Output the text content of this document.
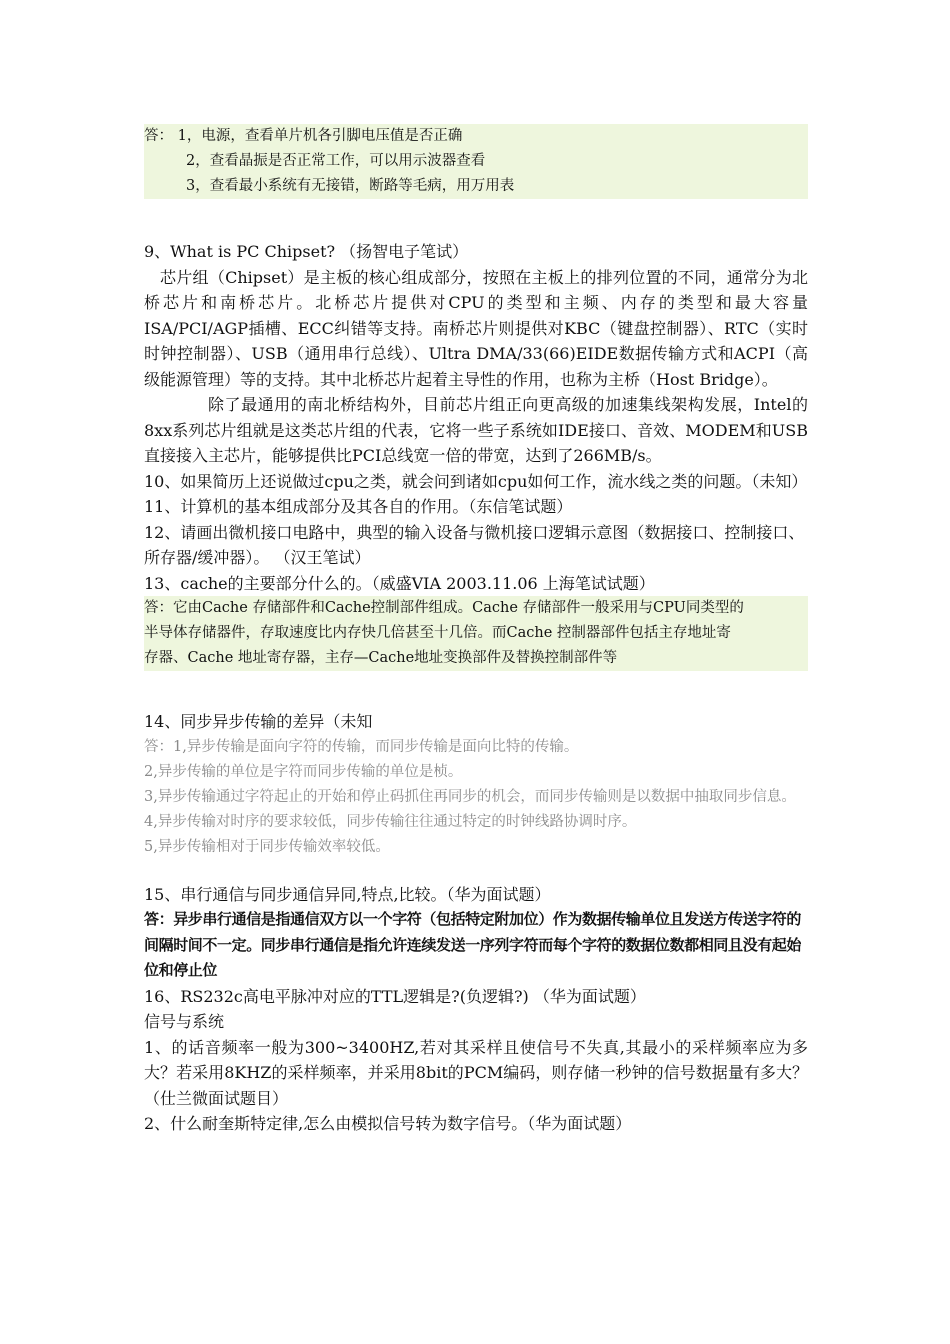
答： 1，电源，查看单片机各引脚电压值是否正确

2，查看晶振是否正常工作，可以用示波器查看

3，查看最小系统有无接错，断路等毛病，用万用表

9、What is PC Chipset? （扬智电子笔试）

芯片组（Chipset）是主板的核心组成部分，按照在主板上的排列位置的不同，通常分为北桥芯片和南桥芯片。北桥芯片提供对CPU的类型和主频、内存的类型和最大容量ISA/PCI/AGP插槽、ECC纠错等支持。南桥芯片则提供对KBC（键盘控制器）、RTC（实时时钟控制器）、USB（通用串行总线）、Ultra DMA/33(66)EIDE数据传输方式和ACPI（高级能源管理）等的支持。其中北桥芯片起着主导性的作用，也称为主桥（Host Bridge）。

除了最通用的南北桥结构外，目前芯片组正向更高级的加速集线架构发展，Intel的8xx系列芯片组就是这类芯片组的代表，它将一些子系统如IDE接口、音效、MODEM和USB直接接入主芯片，能够提供比PCI总线宽一倍的带宽，达到了266MB/s。

10、如果简历上还说做过cpu之类，就会问到诸如cpu如何工作，流水线之类的问题。（未知）

11、计算机的基本组成部分及其各自的作用。（东信笔试题）

12、请画出微机接口电路中，典型的输入设备与微机接口逻辑示意图（数据接口、控制接口、所存器/缓冲器）。 （汉王笔试）

13、cache的主要部分什么的。（威盛VIA 2003.11.06 上海笔试试题）

答：它由Cache 存储部件和Cache控制部件组成。Cache 存储部件一般采用与CPU同类型的

半导体存储器件，存取速度比内存快几倍甚至十几倍。而Cache 控制器部件包括主存地址寄

存器、Cache 地址寄存器，主存—Cache地址变换部件及替换控制部件等

14、同步异步传输的差异（未知

答：1,异步传输是面向字符的传输，而同步传输是面向比特的传输。

2,异步传输的单位是字符而同步传输的单位是桢。

3,异步传输通过字符起止的开始和停止码抓住再同步的机会，而同步传输则是以数据中抽取同步信息。

4,异步传输对时序的要求较低，同步传输往往通过特定的时钟线路协调时序。

5,异步传输相对于同步传输效率较低。

15、串行通信与同步通信异同,特点,比较。（华为面试题）

答：异步串行通信是指通信双方以一个字符（包括特定附加位）作为数据传输单位且发送方传送字符的间隔时间不一定。同步串行通信是指允许连续发送一序列字符而每个字符的数据位数都相同且没有起始位和停止位

16、RS232c高电平脉冲对应的TTL逻辑是?(负逻辑?) （华为面试题）

信号与系统

1、的话音频率一般为300~3400HZ,若对其采样且使信号不失真,其最小的采样频率应为多大？若采用8KHZ的采样频率，并采用8bit的PCM编码，则存储一秒钟的信号数据量有多大？（仕兰微面试题目）

2、什么耐奎斯特定律,怎么由模拟信号转为数字信号。（华为面试题）
